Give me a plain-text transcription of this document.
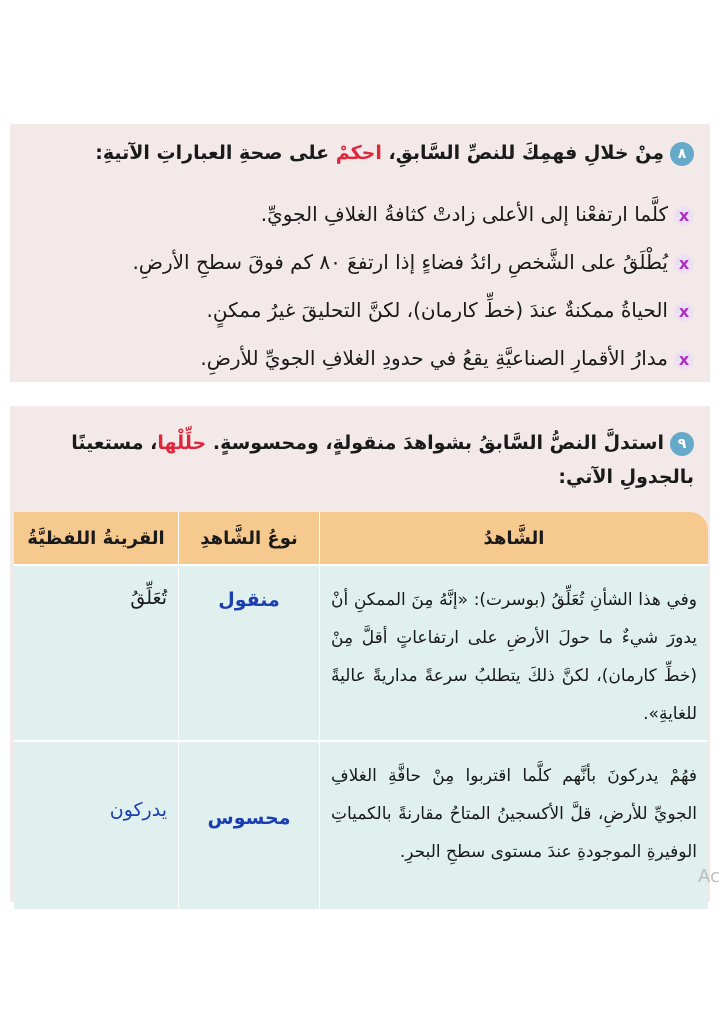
٨مِنْ خلالِ فهمِكَ للنصِّ السَّابقِ، احكمْ على صحةِ العباراتِ الآتيةِ:
xكلَّما ارتفعْنا إلى الأعلى زادتْ كثافةُ الغلافِ الجويِّ.
xيُطْلَقُ على الشَّخصِ رائدُ فضاءٍ إذا ارتفعَ ٨٠ كم فوقَ سطحِ الأرضِ.
xالحياةُ ممكنةٌ عندَ (خطِّ كارمان)، لكنَّ التحليقَ غيرُ ممكنٍ.
xمدارُ الأقمارِ الصناعيَّةِ يقعُ في حدودِ الغلافِ الجويِّ للأرضِ.
٩استدلَّ النصُّ السَّابقُ بشواهدَ منقولةٍ، ومحسوسةٍ. حلِّلْها، مستعينًا بالجدولِ الآتي:
الشَّاهدُ	نوعُ الشَّاهدِ	القرينةُ اللفظيَّةُ

وفي هذا الشأنِ تُعَلِّقُ (بوسرت): «إنَّهُ مِنَ الممكنِ أنْ يدورَ شيءٌ ما حولَ الأرضِ على ارتفاعاتٍ أقلَّ مِنْ (خطِّ كارمان)، لكنَّ ذلكَ يتطلبُ سرعةً مداريةً عاليةً للغايةِ».	منقول	تُعَلِّقُ

فهُمْ يدركونَ بأنَّهم كلَّما اقتربوا مِنْ حافَّةِ الغلافِ الجويِّ للأرضِ، قلَّ الأكسجينُ المتاحُ مقارنةً بالكمياتِ الوفيرةِ الموجودةِ عندَ مستوى سطحِ البحرِ.	محسوس	يدركون
Ac
